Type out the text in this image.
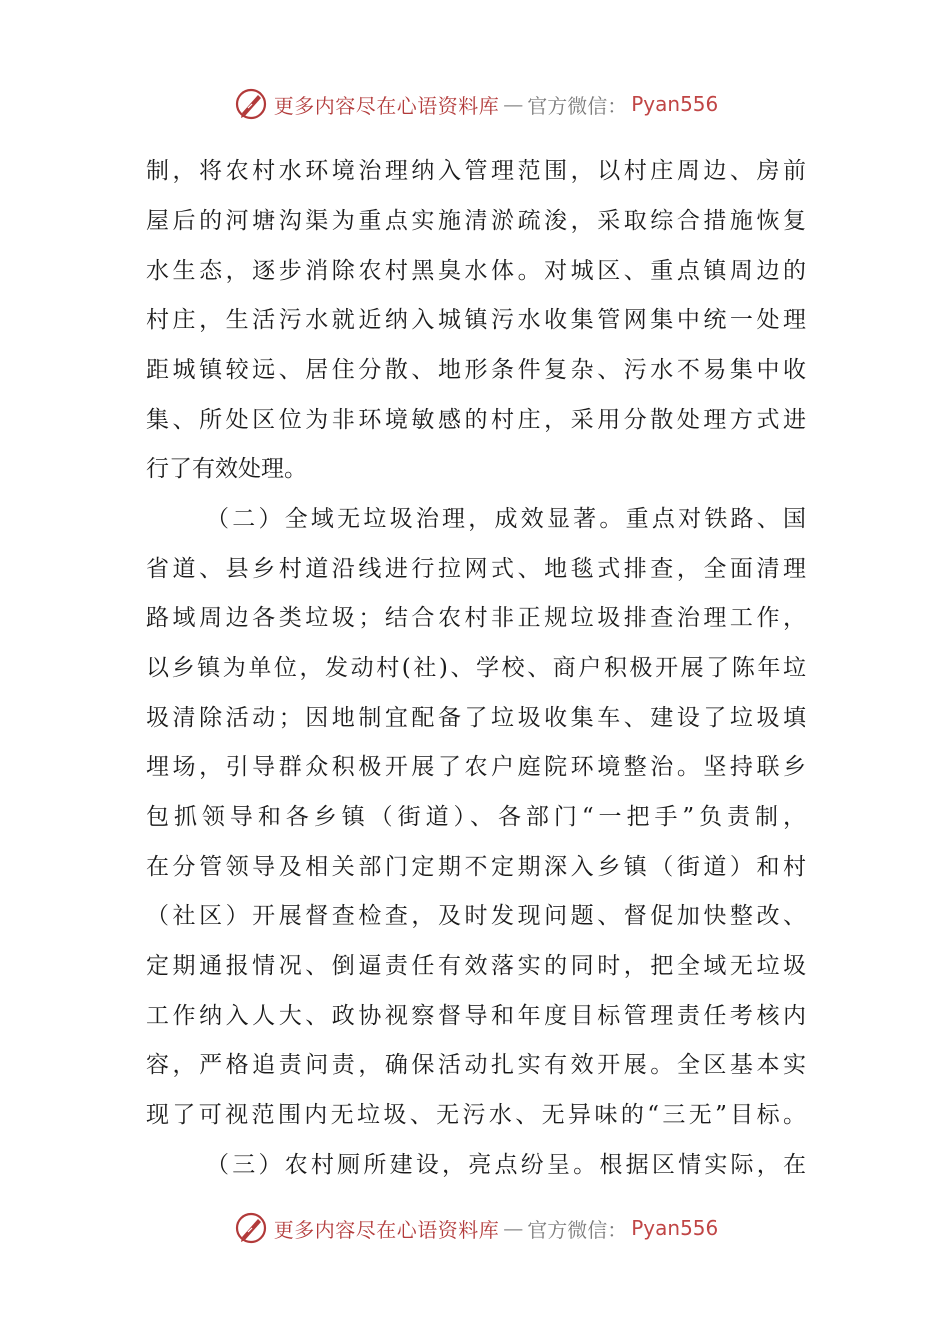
更多内容尽在心语资料库 — 官方微信： Pyan556
制，将农村水环境治理纳入管理范围，以村庄周边、房前
屋后的河塘沟渠为重点实施清淤疏浚，采取综合措施恢复
水生态，逐步消除农村黑臭水体。对城区、重点镇周边的
村庄，生活污水就近纳入城镇污水收集管网集中统一处理
距城镇较远、居住分散、地形条件复杂、污水不易集中收
集、所处区位为非环境敏感的村庄，采用分散处理方式进
行了有效处理。
（二）全域无垃圾治理，成效显著。重点对铁路、国
省道、县乡村道沿线进行拉网式、地毯式排查，全面清理
路域周边各类垃圾；结合农村非正规垃圾排查治理工作，
以乡镇为单位，发动村(社)、学校、商户积极开展了陈年垃
圾清除活动；因地制宜配备了垃圾收集车、建设了垃圾填
埋场，引导群众积极开展了农户庭院环境整治。坚持联乡
包抓领导和各乡镇（街道）、各部门“一把手”负责制，
在分管领导及相关部门定期不定期深入乡镇（街道）和村
（社区）开展督查检查，及时发现问题、督促加快整改、
定期通报情况、倒逼责任有效落实的同时，把全域无垃圾
工作纳入人大、政协视察督导和年度目标管理责任考核内
容，严格追责问责，确保活动扎实有效开展。全区基本实
现了可视范围内无垃圾、无污水、无异味的“三无”目标。
（三）农村厕所建设，亮点纷呈。根据区情实际，在
更多内容尽在心语资料库 — 官方微信： Pyan556
